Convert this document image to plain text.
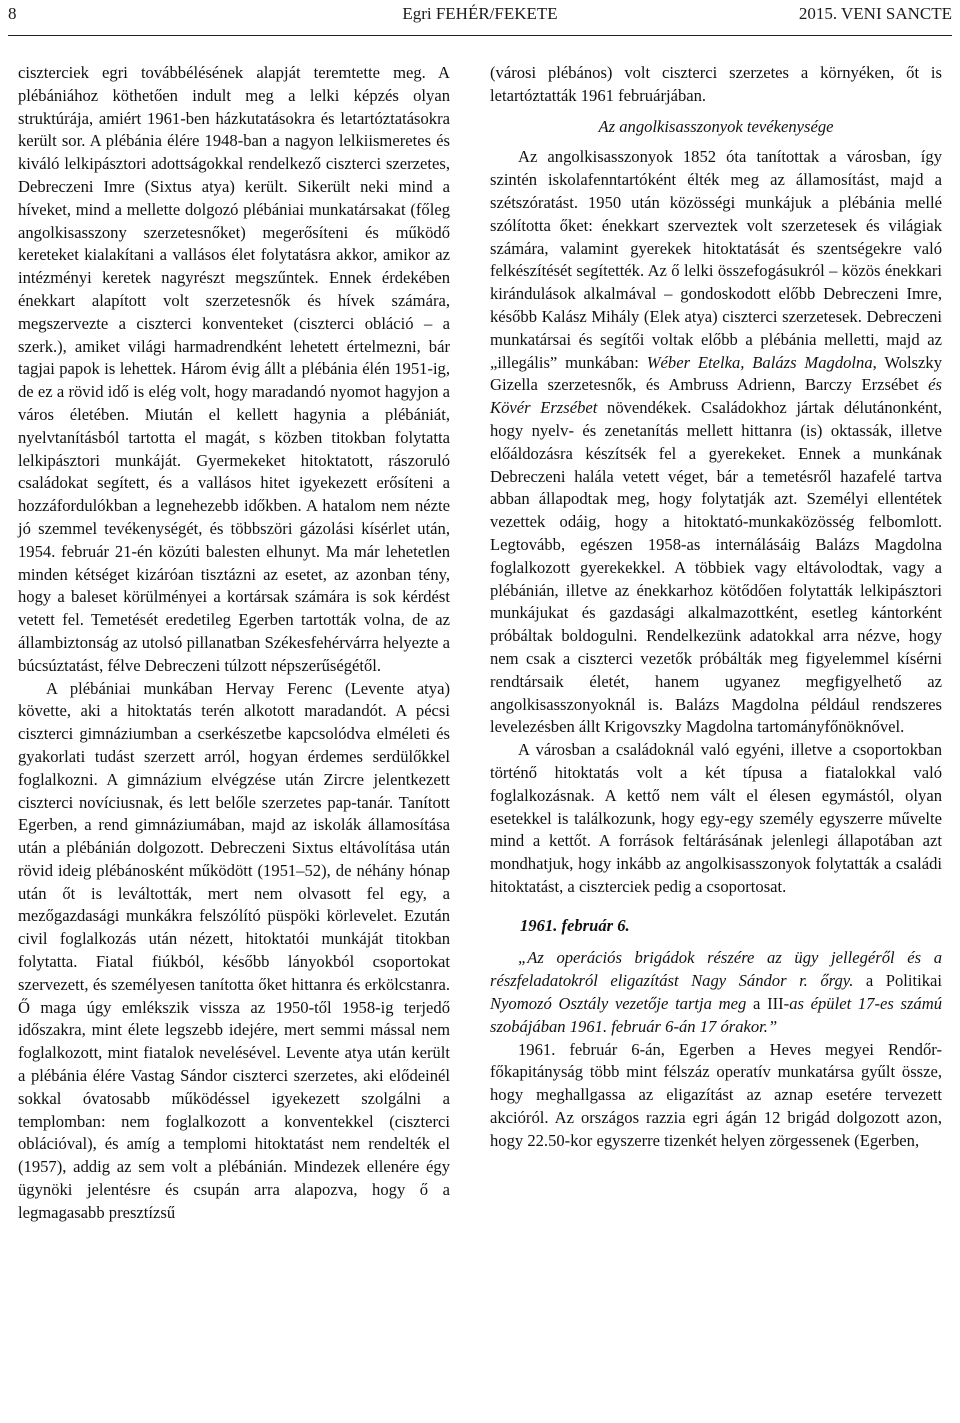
8	Egri FEHÉR/FEKETE	2015. VENI SANCTE

ciszterciek egri továbbélésének alapját teremtette meg. A plébániához köthetően indult meg a lelki képzés olyan struktúrája, amiért 1961-ben házkutatásokra és letartóztatásokra került sor. A plébánia élére 1948-ban a nagyon lelkiismeretes és kiváló lelkipásztori adottságokkal rendelkező ciszterci szerzetes, Debreczeni Imre (Sixtus atya) került. Sikerült neki mind a híveket, mind a mellette dolgozó plébániai munkatársakat (főleg angolkisasszony szerzetesnőket) megerősíteni és működő kereteket kialakítani a vallásos élet folytatásra akkor, amikor az intézményi keretek nagyrészt megszűntek. Ennek érdekében énekkart alapított volt szerzetesnők és hívek számára, megszervezte a ciszterci konventeket (ciszterci obláció – a szerk.), amiket világi harmadrendként lehetett értelmezni, bár tagjai papok is lehettek. Három évig állt a plébánia élén 1951-ig, de ez a rövid idő is elég volt, hogy maradandó nyomot hagyjon a város életében. Miután el kellett hagynia a plébániát, nyelvtanításból tartotta el magát, s közben titokban folytatta lelkipásztori munkáját. Gyermekeket hitoktatott, rászoruló családokat segített, és a vallásos hitet igyekezett erősíteni a hozzáfordulókban a legnehezebb időkben. A hatalom nem nézte jó szemmel tevékenységét, és többszöri gázolási kísérlet után, 1954. február 21-én közúti balesten elhunyt. Ma már lehetetlen minden kétséget kizáróan tisztázni az esetet, az azonban tény, hogy a baleset körülményei a kortársak számára is sok kérdést vetett fel. Temetését eredetileg Egerben tartották volna, de az állambiztonság az utolsó pillanatban Székesfehérvárra helyezte a búcsúztatást, félve Debreczeni túlzott népszerűségétől.

A plébániai munkában Hervay Ferenc (Levente atya) követte, aki a hitoktatás terén alkotott maradandót. A pécsi ciszterci gimnáziumban a cserkészetbe kapcsolódva elméleti és gyakorlati tudást szerzett arról, hogyan érdemes serdülőkkel foglalkozni. A gimnázium elvégzése után Zircre jelentkezett ciszterci novíciusnak, és lett belőle szerzetes pap-tanár. Tanított Egerben, a rend gimnáziumában, majd az iskolák államosítása után a plébánián dolgozott. Debreczeni Sixtus eltávolítása után rövid ideig plébánosként működött (1951–52), de néhány hónap után őt is leváltották, mert nem olvasott fel egy, a mezőgazdasági munkákra felszólító püspöki körlevelet. Ezután civil foglalkozás után nézett, hitoktatói munkáját titokban folytatta. Fiatal fiúkból, később lányokból csoportokat szervezett, és személyesen tanította őket hittanra és erkölcstanra. Ő maga úgy emlékszik vissza az 1950-től 1958-ig terjedő időszakra, mint élete legszebb idejére, mert semmi mással nem foglalkozott, mint fiatalok nevelésével. Levente atya után került a plébánia élére Vastag Sándor ciszterci szerzetes, aki elődeinél sokkal óvatosabb működéssel igyekezett szolgálni a templomban: nem foglalkozott a konventekkel (ciszterci oblációval), és amíg a templomi hitoktatást nem rendelték el (1957), addig az sem volt a plébánián. Mindezek ellenére égy ügynöki jelentésre és csupán arra alapozva, hogy ő a legmagasabb presztízsű

(városi plébános) volt ciszterci szerzetes a környéken, őt is letartóztatták 1961 februárjában.

Az angolkisasszonyok tevékenysége

Az angolkisasszonyok 1852 óta tanítottak a városban, így szintén iskolafenntartóként élték meg az államosítást, majd a szétszóratást. 1950 után közösségi munkájuk a plébánia mellé szólította őket: énekkart szerveztek volt szerzetesek és világiak számára, valamint gyerekek hitoktatását és szentségekre való felkészítését segítették. Az ő lelki összefogásukról – közös énekkari kirándulások alkalmával – gondoskodott előbb Debreczeni Imre, később Kalász Mihály (Elek atya) ciszterci szerzetesek. Debreczeni munkatársai és segítői voltak előbb a plébánia melletti, majd az „illegális” munkában: Wéber Etelka, Balázs Magdolna, Wolszky Gizella szerzetesnők, és Ambruss Adrienn, Barczy Erzsébet és Kövér Erzsébet növendékek. Családokhoz jártak délutánonként, hogy nyelv- és zenetanítás mellett hittanra (is) oktassák, illetve előáldozásra készítsék fel a gyerekeket. Ennek a munkának Debreczeni halála vetett véget, bár a temetésről hazafelé tartva abban állapodtak meg, hogy folytatják azt. Személyi ellentétek vezettek odáig, hogy a hitoktató-munkaközösség felbomlott. Legtovább, egészen 1958-as internálásáig Balázs Magdolna foglalkozott gyerekekkel. A többiek vagy eltávolodtak, vagy a plébánián, illetve az énekkarhoz kötődően folytatták lelkipásztori munkájukat és gazdasági alkalmazottként, esetleg kántorként próbáltak boldogulni. Rendelkezünk adatokkal arra nézve, hogy nem csak a ciszterci vezetők próbálták meg figyelemmel kísérni rendtársaik életét, hanem ugyanez megfigyelhető az angolkisasszonyoknál is. Balázs Magdolna például rendszeres levelezésben állt Krigovszky Magdolna tartományfőnöknővel.

A városban a családoknál való egyéni, illetve a csoportokban történő hitoktatás volt a két típusa a fiatalokkal való foglalkozásnak. A kettő nem vált el élesen egymástól, olyan esetekkel is találkozunk, hogy egy-egy személy egyszerre művelte mind a kettőt. A források feltárásának jelenlegi állapotában azt mondhatjuk, hogy inkább az angolkisasszonyok folytatták a családi hitoktatást, a ciszterciek pedig a csoportosat.

1961. február 6.

„Az operációs brigádok részére az ügy jellegéről és a részfeladatokról eligazítást Nagy Sándor r. őrgy. a Politikai Nyomozó Osztály vezetője tartja meg a III-as épület 17-es számú szobájában 1961. február 6-án 17 órakor.”

1961. február 6-án, Egerben a Heves megyei Rendőr-főkapitányság több mint félszáz operatív munkatársa gyűlt össze, hogy meghallgassa az eligazítást az aznap esetére tervezett akcióról. Az országos razzia egri ágán 12 brigád dolgozott azon, hogy 22.50-kor egyszerre tizenkét helyen zörgessenek (Egerben,
